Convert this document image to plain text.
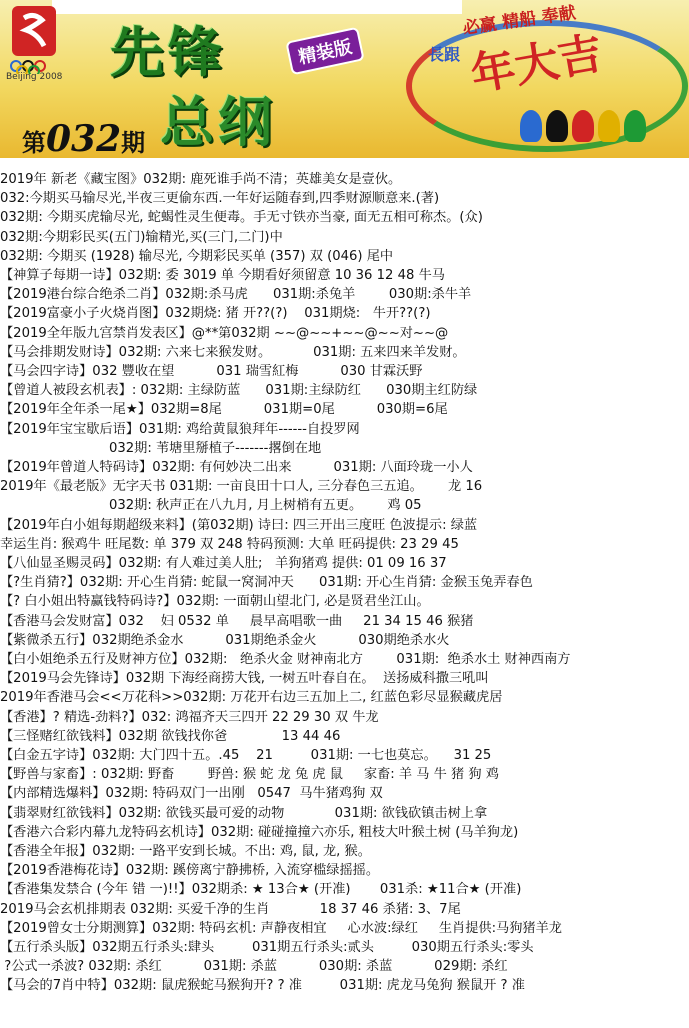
Beijing 2008 先锋
总纲
精装版
必赢 精船 奉献
長跟 年大吉
第032期
2019年 新老《藏宝图》032期: 鹿死谁手尚不清；英雄美女是壹伙。
032:今期买马输尽光,半夜三更偷东西.一年好运随春到,四季财源顺意来.(著)
032期: 今期买虎输尽光, 蛇蝎性灵生便毒。手无寸铁亦当豪, 面无五相可称杰。(众)
032期:今期彩民买(五门)输精光,买(三门,二门)中
032期: 今期买 (1928) 输尽光, 今期彩民买单 (357) 双 (046) 尾中
【神算子每期一诗】032期: 委 3019 单 今期看好须留意 10 36 12 48 牛马
【2019港台综合绝杀二肖】032期:杀马虎      031期:杀兔羊        030期:杀牛羊
【2019富豪小子火烧肖图】032期烧: 猪 开??(?)    031期烧:   牛开??(?)
【2019全年版九宫禁肖发表区】@**第032期 ~~@~~+~~@~~对~~@
【马会排期发财诗】032期: 六来七来猴发财。          031期: 五来四来羊发财。
【马会四字诗】032 豐收在望          031 瑞雪紅梅          030 甘霖沃野
【曾道人被段玄机表】: 032期: 主绿防蓝      031期:主绿防红      030期主红防绿
【2019年全年杀一尾★】032期=8尾          031期=0尾          030期=6尾
【2019年宝宝歇后语】031期: 鸡给黄鼠狼拜年------自投罗网
032期: 苇塘里掰植子-------撂倒在地
【2019年曾道人特码诗】032期: 有何妙决二出来          031期: 八面玲珑一小人
2019年《最老版》无字天书 031期: 一亩良田十口人, 三分春色三五追。      龙 16
032期: 秋声正在八九月, 月上树梢有五更。      鸡 05
【2019年白小姐每期超级来料】(第032期) 诗曰: 四三开出三度旺 色波提示: 绿蓝
幸运生肖: 猴鸡牛 旺尾数: 单 379 双 248 特码预测: 大单 旺码提供: 23 29 45
【八仙显圣赐灵码】032期: 有人难过美人肚;   羊狗猪鸡 提供: 01 09 16 37
【?生肖猜?】032期: 开心生肖猜: 蛇鼠一窝洞冲天      031期: 开心生肖猜: 金猴玉兔弄春色
【? 白小姐出特赢钱特码诗?】032期: 一面朝山望北门, 必是贤君坐江山。
【香港马会发财富】032    妇 0532 单     晨早高唱歌一曲     21 34 15 46 猴猪
【紫微杀五行】032期绝杀金水          031期绝杀金火          030期绝杀水火
【白小姐绝杀五行及财神方位】032期:   绝杀火金 财神南北方        031期:  绝杀水土 财神西南方
【2019马会先锋诗】032期 下海经商捞大钱, 一树五叶春自在。  送扬威科撒三吼叫
2019年香港马会<<万花科>>032期: 万花开右边三五加上二, 红蓝色彩尽显猴藏虎居
【香港】? 精选-劲料?】032: 鸿福齐天三四开 22 29 30 双 牛龙
【三怪赌红欲钱料】032期 欲钱找你爸             13 44 46
【白金五字诗】032期: 大门四十五。.45    21         031期: 一七也莫忘。    31 25
【野兽与家畜】: 032期: 野畜        野兽: 猴 蛇 龙 兔 虎 鼠     家畜: 羊 马 牛 猪 狗 鸡
【内部精选爆料】032期: 特码双门一出刚   0547  马牛猪鸡狗 双
【翡翠财红欲钱料】032期: 欲钱买最可爱的动物            031期: 欲钱砍镇击树上拿
【香港六合彩内幕九龙特码玄机诗】032期: 碰碰撞撞六亦乐, 粗枝大叶猴土树 (马羊狗龙)
【香港全年报】032期: 一路平安到长城。不出: 鸡, 鼠, 龙, 猴。
【2019香港梅花诗】032期: 蹊傍离宁静拂桥, 入流穿槛绿摇摇。
【香港集发禁合 (今年 错 一)!!】032期杀: ★ 13合★ (开准)       031杀: ★11合★ (开准)
2019马会玄机排期表 032期: 买爱千净的生肖            18 37 46 杀猪: 3、7尾
【2019曾女士分期测算】032期: 特码玄机: 声静夜相宜     心水波:绿红     生肖提供:马狗猪羊龙
【五行杀头版】032期五行杀头:肆头         031期五行杀头:贰头         030期五行杀头:零头
?公式一杀波? 032期: 杀红          031期: 杀蓝          030期: 杀蓝          029期: 杀红
【马会的7肖中特】032期: 鼠虎猴蛇马猴狗开? ? 准         031期: 虎龙马兔狗 猴鼠开 ? 准
